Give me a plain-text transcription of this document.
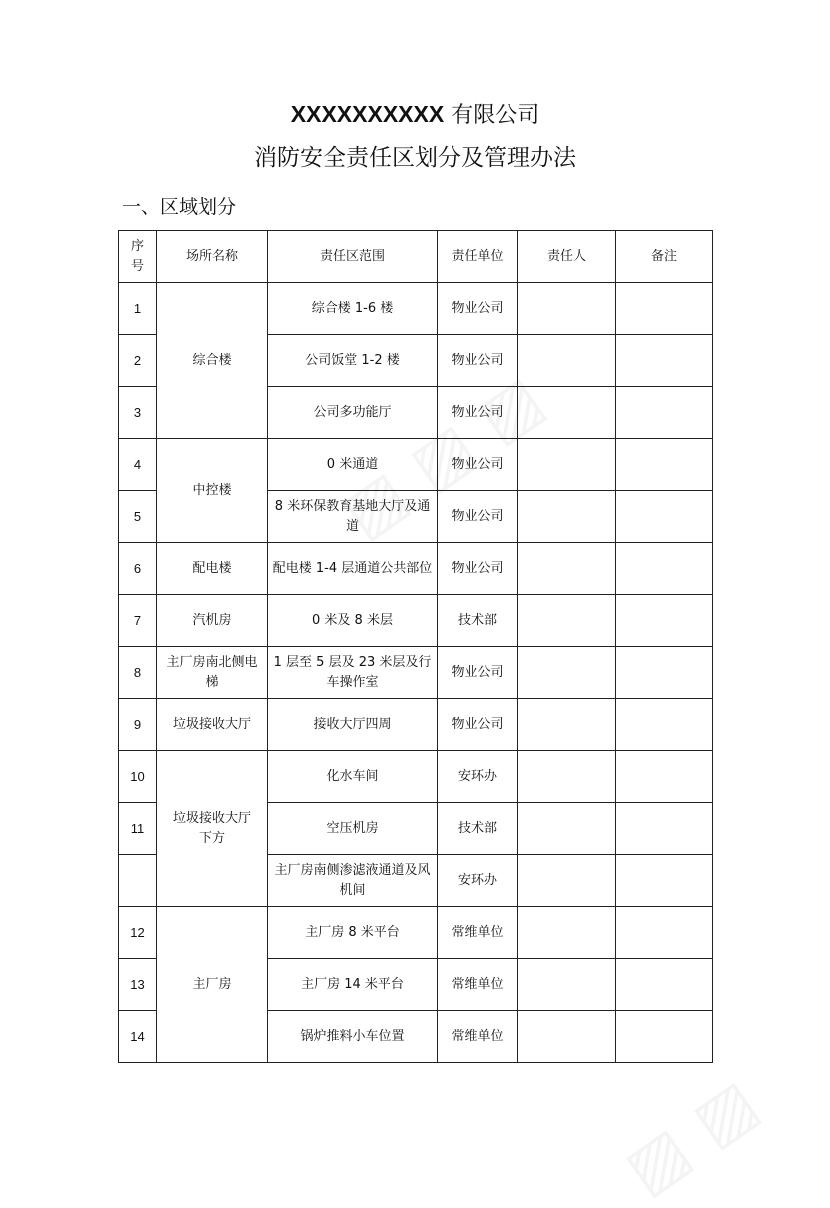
XXXXXXXXXX 有限公司
消防安全责任区划分及管理办法
一、区域划分
序号	场所名称	责任区范围	责任单位	责任人	备注
1	综合楼	综合楼 1-6 楼	物业公司		
2		公司饭堂 1-2 楼	物业公司		
3		公司多功能厅	物业公司		
4	中控楼	0 米通道	物业公司		
5		8 米环保教育基地大厅及通道	物业公司		
6	配电楼	配电楼 1-4 层通道公共部位	物业公司		
7	汽机房	0 米及 8 米层	技术部		
8	主厂房南北侧电梯	1 层至 5 层及 23 米层及行车操作室	物业公司		
9	垃圾接收大厅	接收大厅四周	物业公司		
10	垃圾接收大厅下方	化水车间	安环办		
11		空压机房	技术部		
		主厂房南侧渗滤液通道及风机间	安环办		
12	主厂房	主厂房 8 米平台	常维单位		
13		主厂房 14 米平台	常维单位		
14		锅炉推料小车位置	常维单位		
